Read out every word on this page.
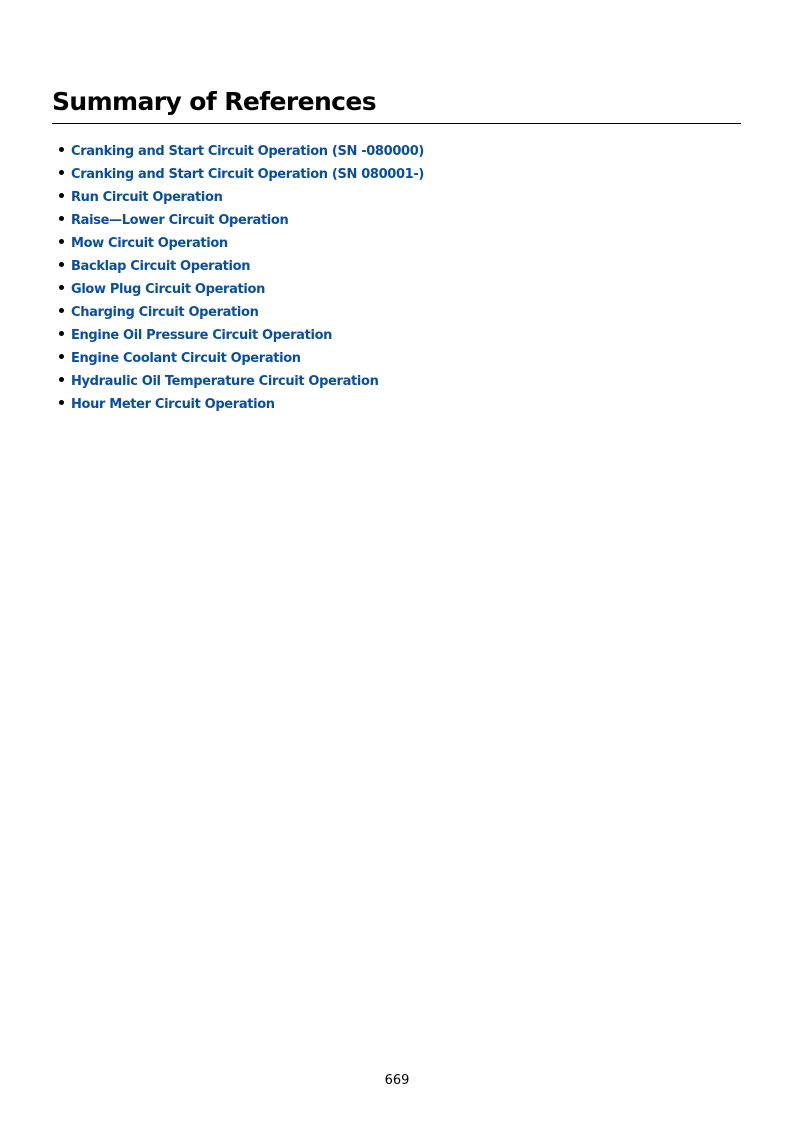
Summary of References
Cranking and Start Circuit Operation (SN -080000)
Cranking and Start Circuit Operation (SN 080001-)
Run Circuit Operation
Raise—Lower Circuit Operation
Mow Circuit Operation
Backlap Circuit Operation
Glow Plug Circuit Operation
Charging Circuit Operation
Engine Oil Pressure Circuit Operation
Engine Coolant Circuit Operation
Hydraulic Oil Temperature Circuit Operation
Hour Meter Circuit Operation
669
